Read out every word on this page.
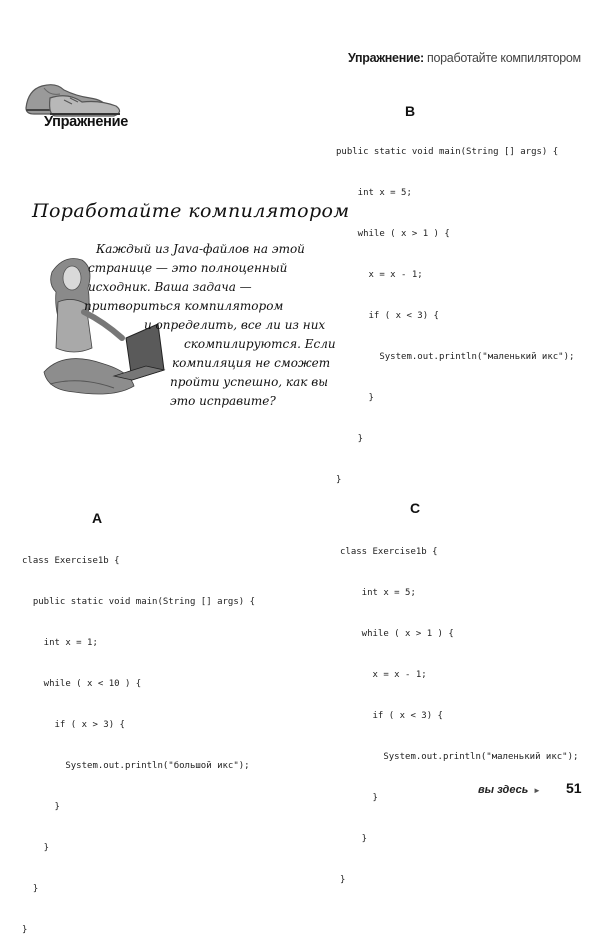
Упражнение: поработайте компилятором
Упражнение
Поработайте компилятором
Каждый из Java-файлов на этой
странице — это полноценный
исходник. Ваша задача —
притвориться компилятором
и определить, все ли из них
скомпилируются. Если
компиляция не сможет
пройти успешно, как вы
это исправите?
B

public static void main(String [] args) {

int x = 5;

while ( x > 1 ) {

x = x - 1;

if ( x < 3) {

System.out.println("маленький икс");

}

}

}

A

class Exercise1b {

public static void main(String [] args) {

int x = 1;

while ( x < 10 ) {

if ( x > 3) {

System.out.println("большой икс");

}

}

}

}

C

class Exercise1b {

int x = 5;

while ( x > 1 ) {

x = x - 1;

if ( x < 3) {

System.out.println("маленький икс");

}

}

}

вы здесь ► 51
